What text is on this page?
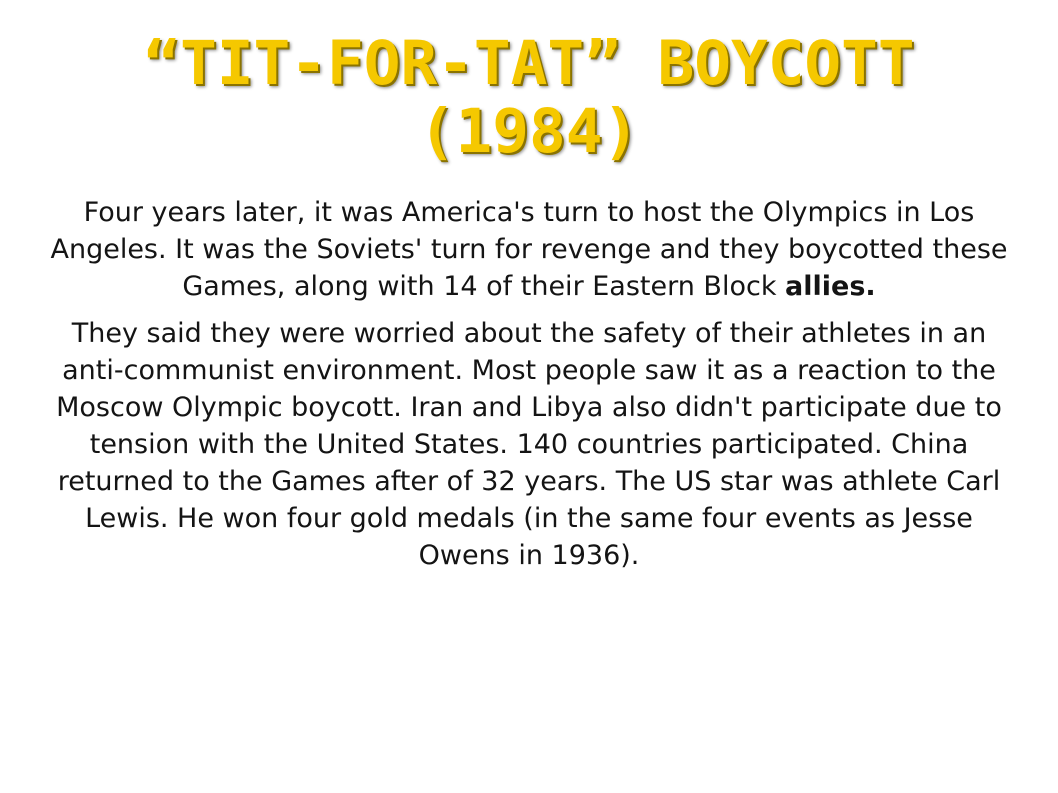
“TIT-FOR-TAT” BOYCOTT
(1984)

Four years later, it was America's turn to host the Olympics in Los Angeles. It was the Soviets' turn for revenge and they boycotted these Games, along with 14 of their Eastern Block allies.

They said they were worried about the safety of their athletes in an anti-communist environment. Most people saw it as a reaction to the Moscow Olympic boycott. Iran and Libya also didn't participate due to tension with the United States. 140 countries participated. China returned to the Games after of 32 years. The US star was athlete Carl Lewis. He won four gold medals (in the same four events as Jesse Owens in 1936).
